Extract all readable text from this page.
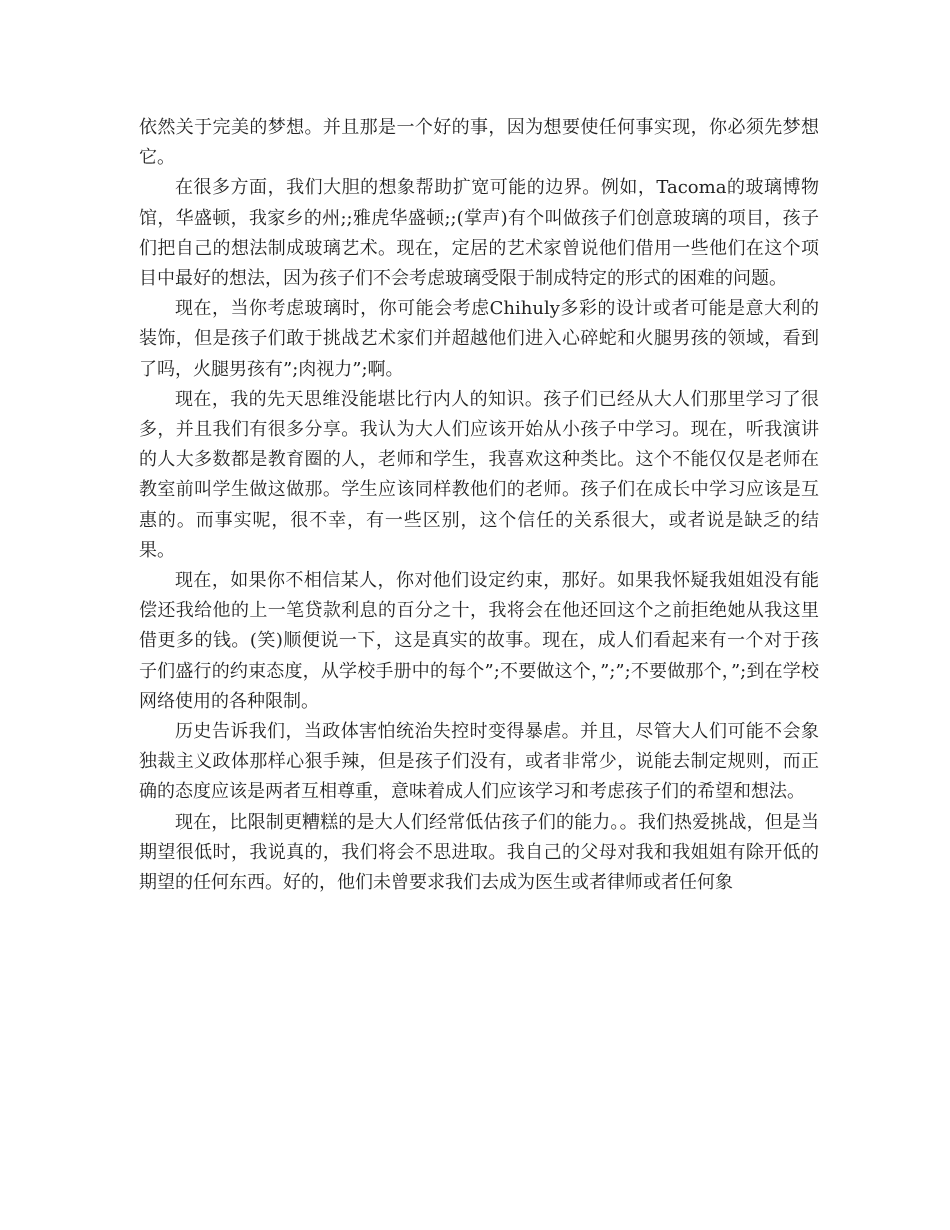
依然关于完美的梦想。并且那是一个好的事，因为想要使任何事实现，你必须先梦想它。

在很多方面，我们大胆的想象帮助扩宽可能的边界。例如，Tacoma的玻璃博物馆，华盛顿，我家乡的州;;雅虎华盛顿;;(掌声)有个叫做孩子们创意玻璃的项目，孩子们把自己的想法制成玻璃艺术。现在，定居的艺术家曾说他们借用一些他们在这个项目中最好的想法，因为孩子们不会考虑玻璃受限于制成特定的形式的困难的问题。

现在，当你考虑玻璃时，你可能会考虑Chihuly多彩的设计或者可能是意大利的装饰，但是孩子们敢于挑战艺术家们并超越他们进入心碎蛇和火腿男孩的领域，看到了吗，火腿男孩有”;肉视力”;啊。

现在，我的先天思维没能堪比行内人的知识。孩子们已经从大人们那里学习了很多，并且我们有很多分享。我认为大人们应该开始从小孩子中学习。现在，听我演讲的人大多数都是教育圈的人，老师和学生，我喜欢这种类比。这个不能仅仅是老师在教室前叫学生做这做那。学生应该同样教他们的老师。孩子们在成长中学习应该是互惠的。而事实呢，很不幸，有一些区别，这个信任的关系很大，或者说是缺乏的结果。

现在，如果你不相信某人，你对他们设定约束，那好。如果我怀疑我姐姐没有能偿还我给他的上一笔贷款利息的百分之十，我将会在他还回这个之前拒绝她从我这里借更多的钱。(笑)顺便说一下，这是真实的故事。现在，成人们看起来有一个对于孩子们盛行的约束态度，从学校手册中的每个”;不要做这个，”;”;不要做那个，”;到在学校网络使用的各种限制。

历史告诉我们，当政体害怕统治失控时变得暴虐。并且，尽管大人们可能不会象独裁主义政体那样心狠手辣，但是孩子们没有，或者非常少，说能去制定规则，而正确的态度应该是两者互相尊重，意味着成人们应该学习和考虑孩子们的希望和想法。

现在，比限制更糟糕的是大人们经常低估孩子们的能力。。我们热爱挑战，但是当期望很低时，我说真的，我们将会不思进取。我自己的父母对我和我姐姐有除开低的期望的任何东西。好的，他们未曾要求我们去成为医生或者律师或者任何象
